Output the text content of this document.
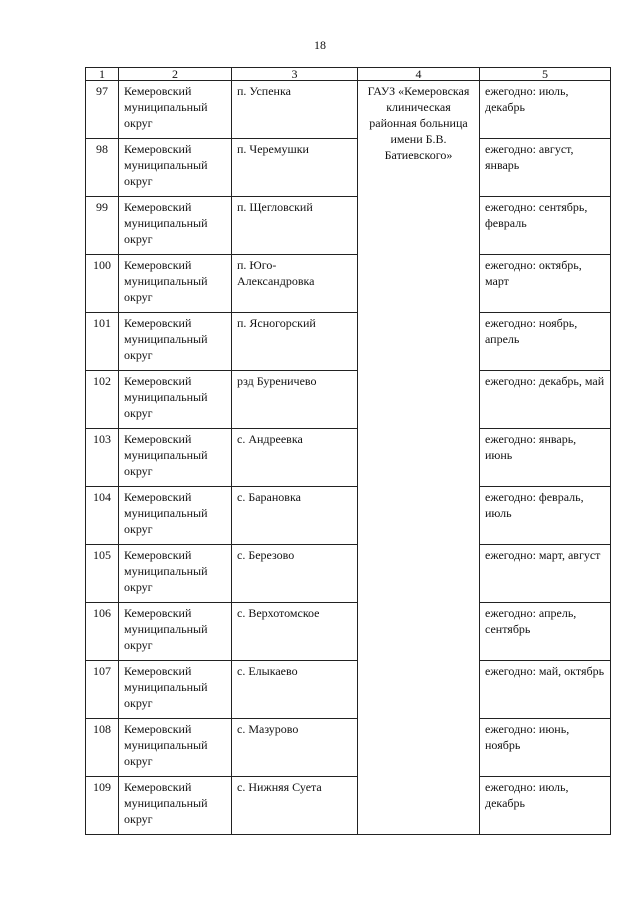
18
1	2	3	4	5
97	Кемеровский муниципальный округ	п. Успенка	ГАУЗ «Кемеровская клиническая районная больница имени Б.В. Батиевского»	ежегодно: июль, декабрь
98	Кемеровский муниципальный округ	п. Черемушки		ежегодно: август, январь
99	Кемеровский муниципальный округ	п. Щегловский		ежегодно: сентябрь, февраль
100	Кемеровский муниципальный округ	п. Юго-Александровка		ежегодно: октябрь, март
101	Кемеровский муниципальный округ	п. Ясногорский		ежегодно: ноябрь, апрель
102	Кемеровский муниципальный округ	рзд Буреничево		ежегодно: декабрь, май
103	Кемеровский муниципальный округ	с. Андреевка		ежегодно: январь, июнь
104	Кемеровский муниципальный округ	с. Барановка		ежегодно: февраль, июль
105	Кемеровский муниципальный округ	с. Березово		ежегодно: март, август
106	Кемеровский муниципальный округ	с. Верхотомское		ежегодно: апрель, сентябрь
107	Кемеровский муниципальный округ	с. Елыкаево		ежегодно: май, октябрь
108	Кемеровский муниципальный округ	с. Мазурово		ежегодно: июнь, ноябрь
109	Кемеровский муниципальный округ	с. Нижняя Суета		ежегодно: июль, декабрь
